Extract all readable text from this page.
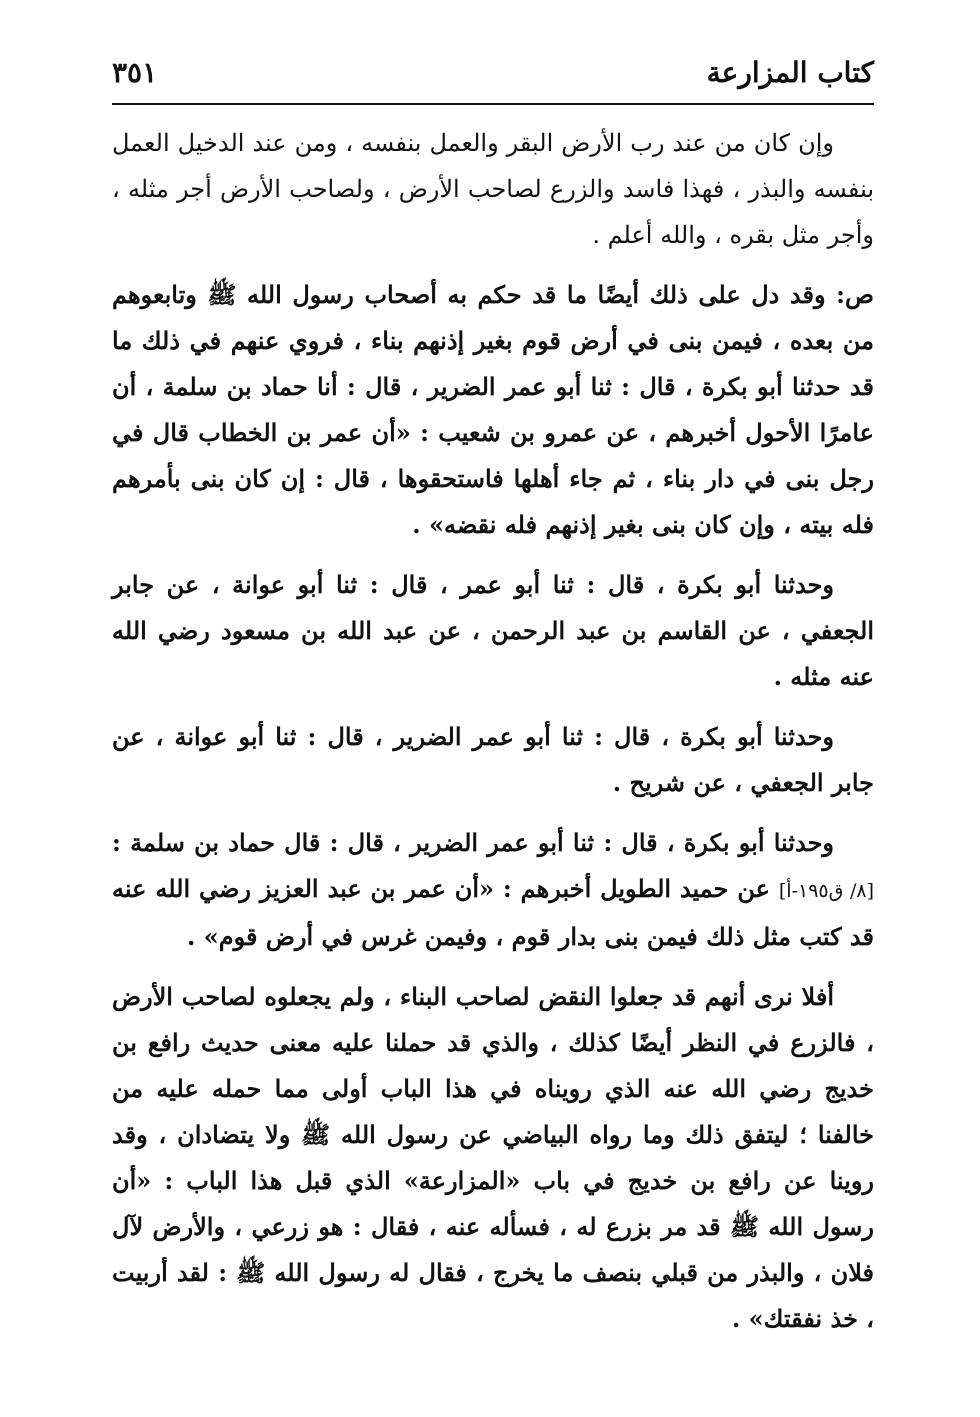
كتاب المزارعة
٣٥١

وإن كان من عند رب الأرض البقر والعمل بنفسه ، ومن عند الدخيل العمل بنفسه والبذر ، فهذا فاسد والزرع لصاحب الأرض ، ولصاحب الأرض أجر مثله ، وأجر مثل بقره ، والله أعلم .

ص: وقد دل على ذلك أيضًا ما قد حكم به أصحاب رسول الله ﷺ وتابعوهم من بعده ، فيمن بنى في أرض قوم بغير إذنهم بناء ، فروي عنهم في ذلك ما قد حدثنا أبو بكرة ، قال : ثنا أبو عمر الضرير ، قال : أنا حماد بن سلمة ، أن عامرًا الأحول أخبرهم ، عن عمرو بن شعيب : «أن عمر بن الخطاب قال في رجل بنى في دار بناء ، ثم جاء أهلها فاستحقوها ، قال : إن كان بنى بأمرهم فله بيته ، وإن كان بنى بغير إذنهم فله نقضه» .

وحدثنا أبو بكرة ، قال : ثنا أبو عمر ، قال : ثنا أبو عوانة ، عن جابر الجعفي ، عن القاسم بن عبد الرحمن ، عن عبد الله بن مسعود رضي الله عنه مثله .

وحدثنا أبو بكرة ، قال : ثنا أبو عمر الضرير ، قال : ثنا أبو عوانة ، عن جابر الجعفي ، عن شريح .

وحدثنا أبو بكرة ، قال : ثنا أبو عمر الضرير ، قال : قال حماد بن سلمة : [٨/ ق١٩٥-أ] عن حميد الطويل أخبرهم : «أن عمر بن عبد العزيز رضي الله عنه قد كتب مثل ذلك فيمن بنى بدار قوم ، وفيمن غرس في أرض قوم» .

أفلا نرى أنهم قد جعلوا النقض لصاحب البناء ، ولم يجعلوه لصاحب الأرض ، فالزرع في النظر أيضًا كذلك ، والذي قد حملنا عليه معنى حديث رافع بن خديج رضي الله عنه الذي رويناه في هذا الباب أولى مما حمله عليه من خالفنا ؛ ليتفق ذلك وما رواه البياضي عن رسول الله ﷺ ولا يتضادان ، وقد روينا عن رافع بن خديج في باب «المزارعة» الذي قبل هذا الباب : «أن رسول الله ﷺ قد مر بزرع له ، فسأله عنه ، فقال : هو زرعي ، والأرض لآل فلان ، والبذر من قبلي بنصف ما يخرج ، فقال له رسول الله ﷺ : لقد أربيت ، خذ نفقتك» .
